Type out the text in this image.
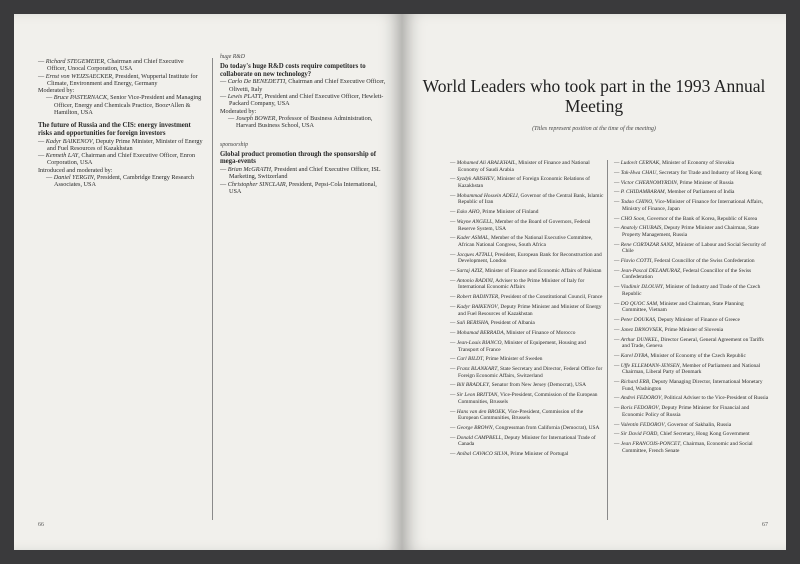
— Richard STEGEMEIER, Chairman and Chief Executive Officer, Unocal Corporation, USA

— Ernst von WEIZSAECKER, President, Wuppertal Institute for Climate, Environment and Energy, Germany

Moderated by:

— Bruce PASTERNACK, Senior Vice-President and Managing Officer, Energy and Chemicals Practice, Booz•Allen & Hamilton, USA

The future of Russia and the CIS: energy investment risks and opportunities for foreign investors

— Kadyr BAIKENOV, Deputy Prime Minister, Minister of Energy and Fuel Resources of Kazakhstan

— Kenneth LAY, Chairman and Chief Executive Officer, Enron Corporation, USA

Introduced and moderated by:

— Daniel YERGIN, President, Cambridge Energy Research Associates, USA

huge R&D

Do today's huge R&D costs require competitors to collaborate on new technology?

— Carlo De BENEDETTI, Chairman and Chief Executive Officer, Olivetti, Italy

— Lewis PLATT, President and Chief Executive Officer, Hewlett-Packard Company, USA

Moderated by:

— Joseph BOWER, Professor of Business Administration, Harvard Business School, USA

sponsorship

Global product promotion through the sponsorship of mega-events

— Brian McGRATH, President and Chief Executive Officer, ISL Marketing, Switzerland

— Christopher SINCLAIR, President, Pepsi-Cola International, USA

66
World Leaders who took part in the 1993 Annual Meeting
(Titles represent position at the time of the meeting)

— Mohamed Ali ABALKHAIL, Minister of Finance and National Economy of Saudi Arabia

— Syzdyk ABISHEV, Minister of Foreign Economic Relations of Kazakhstan

— Mohammad Hossein ADELI, Governor of the Central Bank, Islamic Republic of Iran

— Esko AHO, Prime Minister of Finland

— Wayne ANGELL, Member of the Board of Governors, Federal Reserve System, USA

— Kader ASMAL, Member of the National Executive Committee, African National Congress, South Africa

— Jacques ATTALI, President, European Bank for Reconstruction and Development, London

— Sartaj AZIZ, Minister of Finance and Economic Affairs of Pakistan

— Antonio BADINI, Adviser to the Prime Minister of Italy for International Economic Affairs

— Robert BADINTER, President of the Constitutional Council, France

— Kadyr BAIKENOV, Deputy Prime Minister and Minister of Energy and Fuel Resources of Kazakhstan

— Sali BERISHA, President of Albania

— Mohamad BERRADA, Minister of Finance of Morocco

— Jean-Louis BIANCO, Minister of Equipement, Housing and Transport of France

— Carl BILDT, Prime Minister of Sweden

— Franz BLANKART, State Secretary and Director, Federal Office for Foreign Economic Affairs, Switzerland

— Bill BRADLEY, Senator from New Jersey (Democrat), USA

— Sir Leon BRITTAN, Vice-President, Commission of the European Communities, Brussels

— Hans van den BROEK, Vice-President, Commission of the European Communities, Brussels

— George BROWN, Congressman from California (Democrat), USA

— Donald CAMPBELL, Deputy Minister for International Trade of Canada

— Aníbal CAVACO SILVA, Prime Minister of Portugal

— Ludovit CERNAK, Minister of Economy of Slovakia

— Tak-Hwa CHAU, Secretary for Trade and Industry of Hong Kong

— Victor CHERNOMYRDIN, Prime Minister of Russia

— P. CHIDAMBARAM, Member of Parliament of India

— Tadao CHINO, Vice-Minister of Finance for International Affairs, Ministry of Finance, Japan

— CHO Soon, Governor of the Bank of Korea, Republic of Korea

— Anatoly CHUBAIS, Deputy Prime Minister and Chairman, State Property Management, Russia

— Rene CORTAZAR SANZ, Minister of Labour and Social Security of Chile

— Flavio COTTI, Federal Councillor of the Swiss Confederation

— Jean-Pascal DELAMURAZ, Federal Councillor of the Swiss Confederation

— Vladimir DLOUHY, Minister of Industry and Trade of the Czech Republic

— DO QUOC SAM, Minister and Chairman, State Planning Committee, Vietnam

— Peter DOUKAS, Deputy Minister of Finance of Greece

— Janez DRNOVSEK, Prime Minister of Slovenia

— Arthur DUNKEL, Director General, General Agreement on Tariffs and Trade, Geneva

— Karel DYBA, Minister of Economy of the Czech Republic

— Uffe ELLEMANN-JENSEN, Member of Parliament and National Chairman, Liberal Party of Denmark

— Richard ERB, Deputy Managing Director, International Monetary Fund, Washington

— Andrei FEDOROV, Political Adviser to the Vice-President of Russia

— Boris FEDOROV, Deputy Prime Minister for Financial and Economic Policy of Russia

— Valentin FEDOROV, Governor of Sakhalin, Russia

— Sir David FORD, Chief Secretary, Hong Kong Government

— Jean FRANCOIS-PONCET, Chairman, Economic and Social Committee, French Senate

67
